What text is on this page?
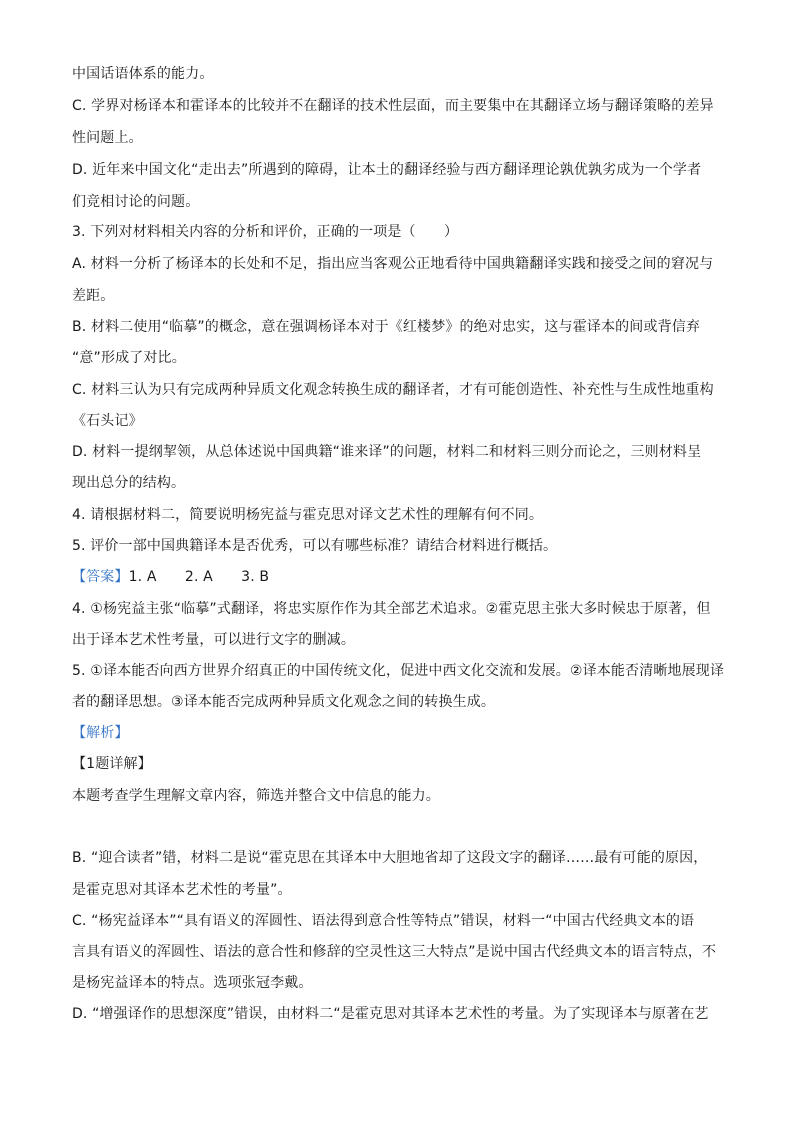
中国话语体系的能力。
C. 学界对杨译本和霍译本的比较并不在翻译的技术性层面，而主要集中在其翻译立场与翻译策略的差异
性问题上。
D. 近年来中国文化“走出去”所遇到的障碍，让本土的翻译经验与西方翻译理论孰优孰劣成为一个学者
们竞相讨论的问题。
3. 下列对材料相关内容的分析和评价，正确的一项是（　　）
A. 材料一分析了杨译本的长处和不足，指出应当客观公正地看待中国典籍翻译实践和接受之间的窘况与
差距。
B. 材料二使用“临摹”的概念，意在强调杨译本对于《红楼梦》的绝对忠实，这与霍译本的间或背信弃
“意”形成了对比。
C. 材料三认为只有完成两种异质文化观念转换生成的翻译者，才有可能创造性、补充性与生成性地重构
《石头记》
D. 材料一提纲挈领，从总体述说中国典籍“谁来译”的问题，材料二和材料三则分而论之，三则材料呈
现出总分的结构。
4. 请根据材料二，简要说明杨宪益与霍克思对译文艺术性的理解有何不同。
5. 评价一部中国典籍译本是否优秀，可以有哪些标准？请结合材料进行概括。
【答案】1. A　　2. A　　3. B
4. ①杨宪益主张“临摹”式翻译，将忠实原作作为其全部艺术追求。②霍克思主张大多时候忠于原著，但
出于译本艺术性考量，可以进行文字的删减。
5. ①译本能否向西方世界介绍真正的中国传统文化，促进中西文化交流和发展。②译本能否清晰地展现译
者的翻译思想。③译本能否完成两种异质文化观念之间的转换生成。
【解析】
【1题详解】
本题考查学生理解文章内容，筛选并整合文中信息的能力。
B. “迎合读者”错，材料二是说“霍克思在其译本中大胆地省却了这段文字的翻译……最有可能的原因，
是霍克思对其译本艺术性的考量”。
C. “杨宪益译本”“具有语义的浑圆性、语法得到意合性等特点”错误，材料一“中国古代经典文本的语
言具有语义的浑圆性、语法的意合性和修辞的空灵性这三大特点”是说中国古代经典文本的语言特点，不
是杨宪益译本的特点。选项张冠李戴。
D. “增强译作的思想深度”错误，由材料二“是霍克思对其译本艺术性的考量。为了实现译本与原著在艺
